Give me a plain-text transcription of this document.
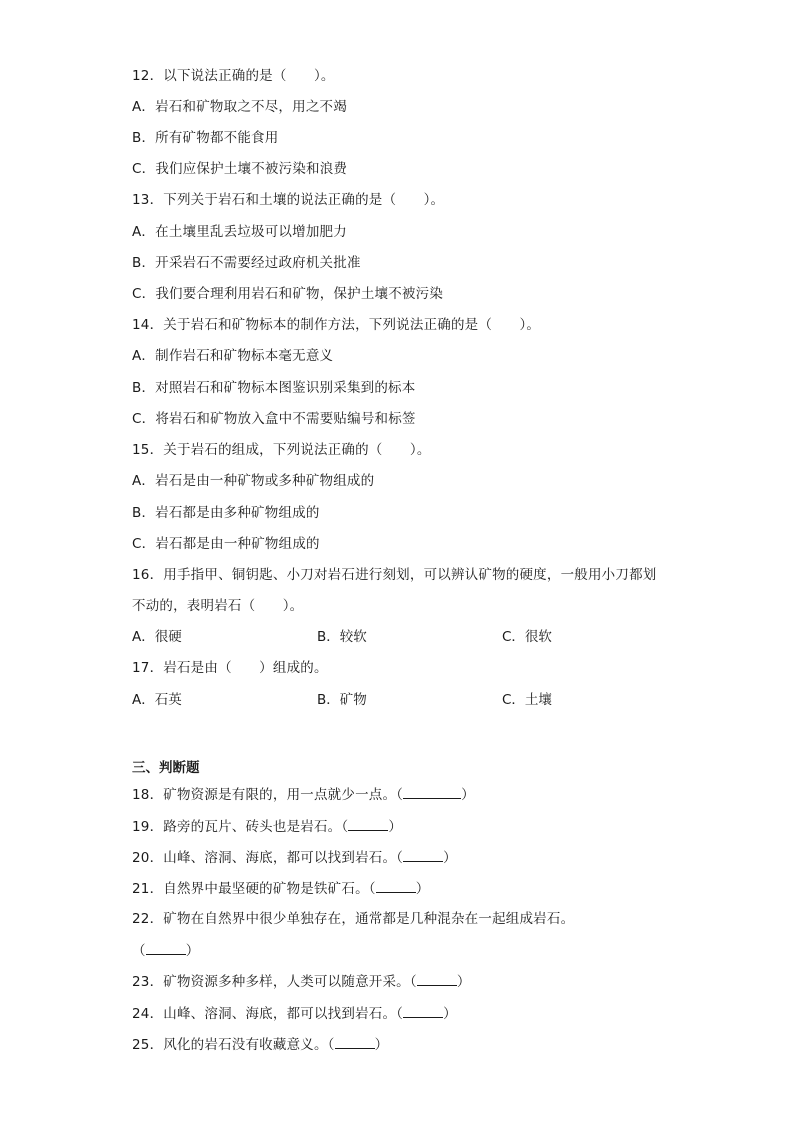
12．以下说法正确的是（　　）。
A．岩石和矿物取之不尽，用之不竭
B．所有矿物都不能食用
C．我们应保护土壤不被污染和浪费
13．下列关于岩石和土壤的说法正确的是（　　）。
A．在土壤里乱丢垃圾可以增加肥力
B．开采岩石不需要经过政府机关批准
C．我们要合理利用岩石和矿物，保护土壤不被污染
14．关于岩石和矿物标本的制作方法，下列说法正确的是（　　）。
A．制作岩石和矿物标本毫无意义
B．对照岩石和矿物标本图鉴识别采集到的标本
C．将岩石和矿物放入盒中不需要贴编号和标签
15．关于岩石的组成，下列说法正确的（　　）。
A．岩石是由一种矿物或多种矿物组成的
B．岩石都是由多种矿物组成的
C．岩石都是由一种矿物组成的
16．用手指甲、铜钥匙、小刀对岩石进行刻划，可以辨认矿物的硬度，一般用小刀都划
不动的，表明岩石（　　）。
A．很硬	B．较软	C．很软
17．岩石是由（　　）组成的。
A．石英	B．矿物	C．土壤
三、判断题
18．矿物资源是有限的，用一点就少一点。（	）
19．路旁的瓦片、砖头也是岩石。（	）
20．山峰、溶洞、海底，都可以找到岩石。（	）
21．自然界中最坚硬的矿物是铁矿石。（	）
22．矿物在自然界中很少单独存在，通常都是几种混杂在一起组成岩石。
（	）
23．矿物资源多种多样，人类可以随意开采。（	）
24．山峰、溶洞、海底，都可以找到岩石。（	）
25．风化的岩石没有收藏意义。（	）
